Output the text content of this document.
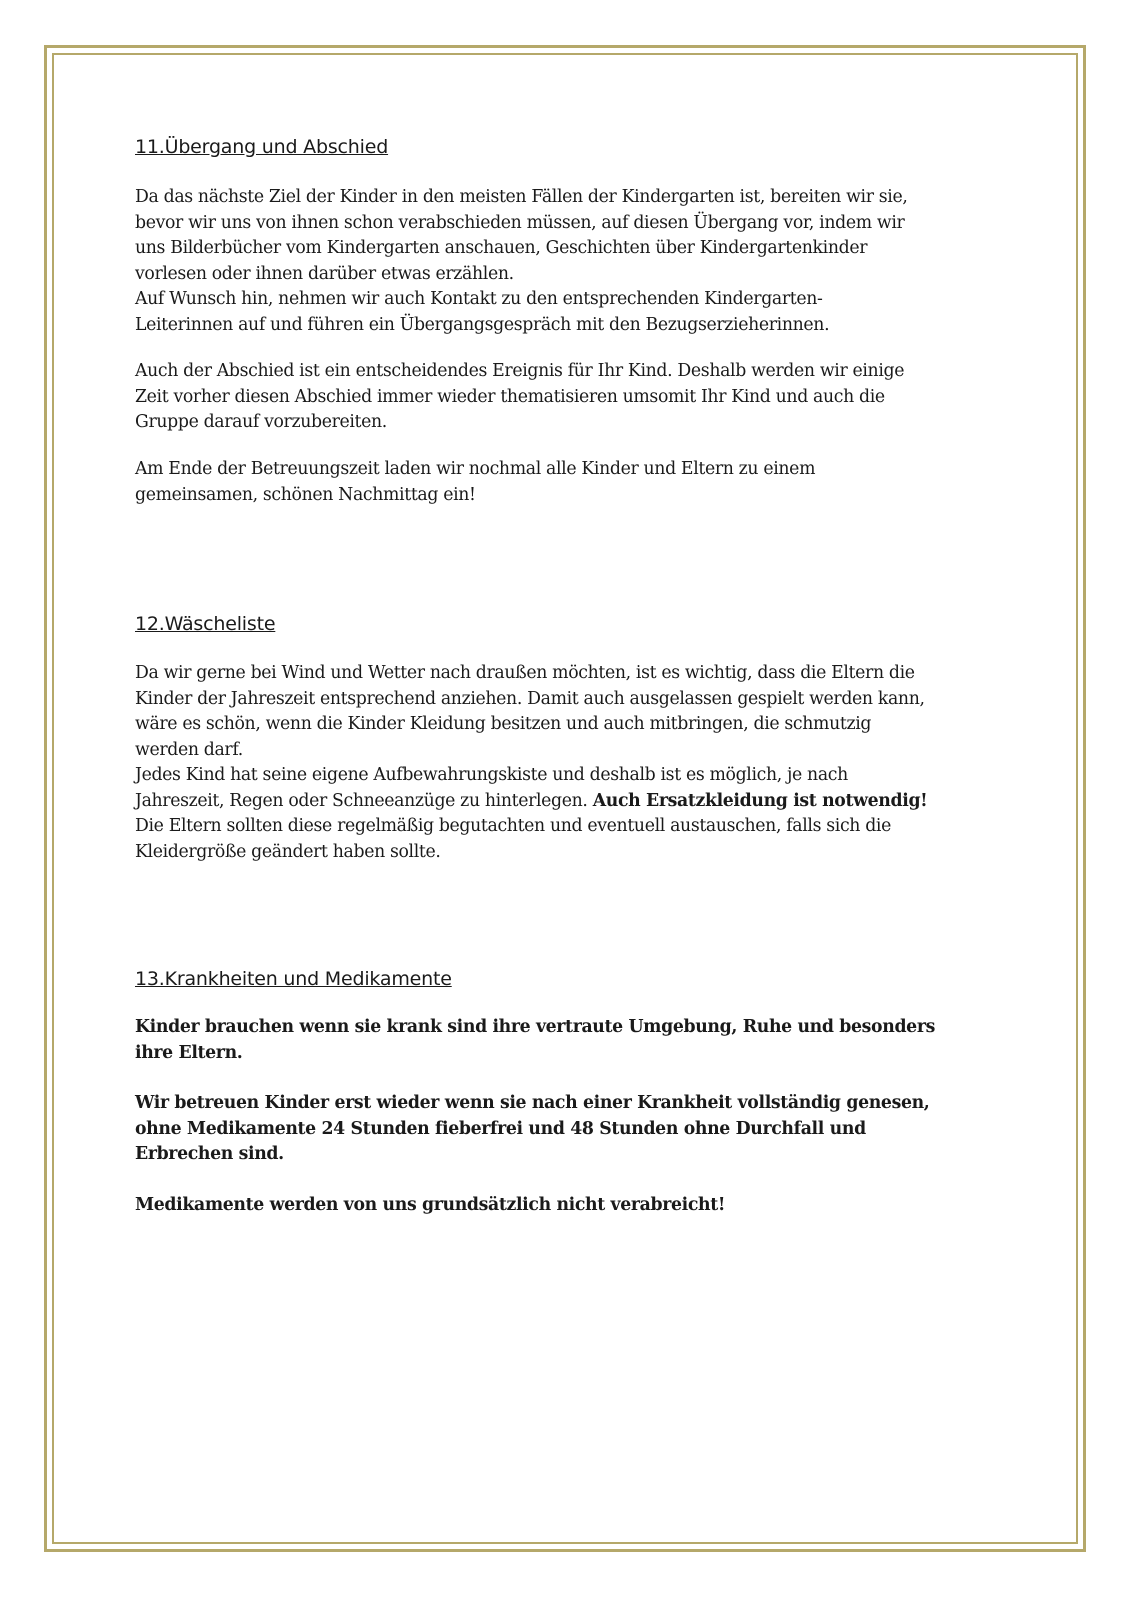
11.Übergang und Abschied

Da das nächste Ziel der Kinder in den meisten Fällen der Kindergarten ist, bereiten wir sie,

bevor wir uns von ihnen schon verabschieden müssen, auf diesen Übergang vor, indem wir

uns Bilderbücher vom Kindergarten anschauen, Geschichten über Kindergartenkinder

vorlesen oder ihnen darüber etwas erzählen.

Auf Wunsch hin, nehmen wir auch Kontakt zu den entsprechenden Kindergarten-

Leiterinnen auf und führen ein Übergangsgespräch mit den Bezugserzieherinnen.

Auch der Abschied ist ein entscheidendes Ereignis für Ihr Kind. Deshalb werden wir einige

Zeit vorher diesen Abschied immer wieder thematisieren umsomit Ihr Kind und auch die

Gruppe darauf vorzubereiten.

Am Ende der Betreuungszeit laden wir nochmal alle Kinder und Eltern zu einem

gemeinsamen, schönen Nachmittag ein!

12.Wäscheliste

Da wir gerne bei Wind und Wetter nach draußen möchten, ist es wichtig, dass die Eltern die

Kinder der Jahreszeit entsprechend anziehen. Damit auch ausgelassen gespielt werden kann,

wäre es schön, wenn die Kinder Kleidung besitzen und auch mitbringen, die schmutzig

werden darf.

Jedes Kind hat seine eigene Aufbewahrungskiste und deshalb ist es möglich, je nach

Jahreszeit, Regen oder Schneeanzüge zu hinterlegen. Auch Ersatzkleidung ist notwendig!

Die Eltern sollten diese regelmäßig begutachten und eventuell austauschen, falls sich die

Kleidergröße geändert haben sollte.

13.Krankheiten und Medikamente

Kinder brauchen wenn sie krank sind ihre vertraute Umgebung, Ruhe und besonders

ihre Eltern.

Wir betreuen Kinder erst wieder wenn sie nach einer Krankheit vollständig genesen,

ohne Medikamente 24 Stunden fieberfrei und 48 Stunden ohne Durchfall und

Erbrechen sind.

Medikamente werden von uns grundsätzlich nicht verabreicht!
